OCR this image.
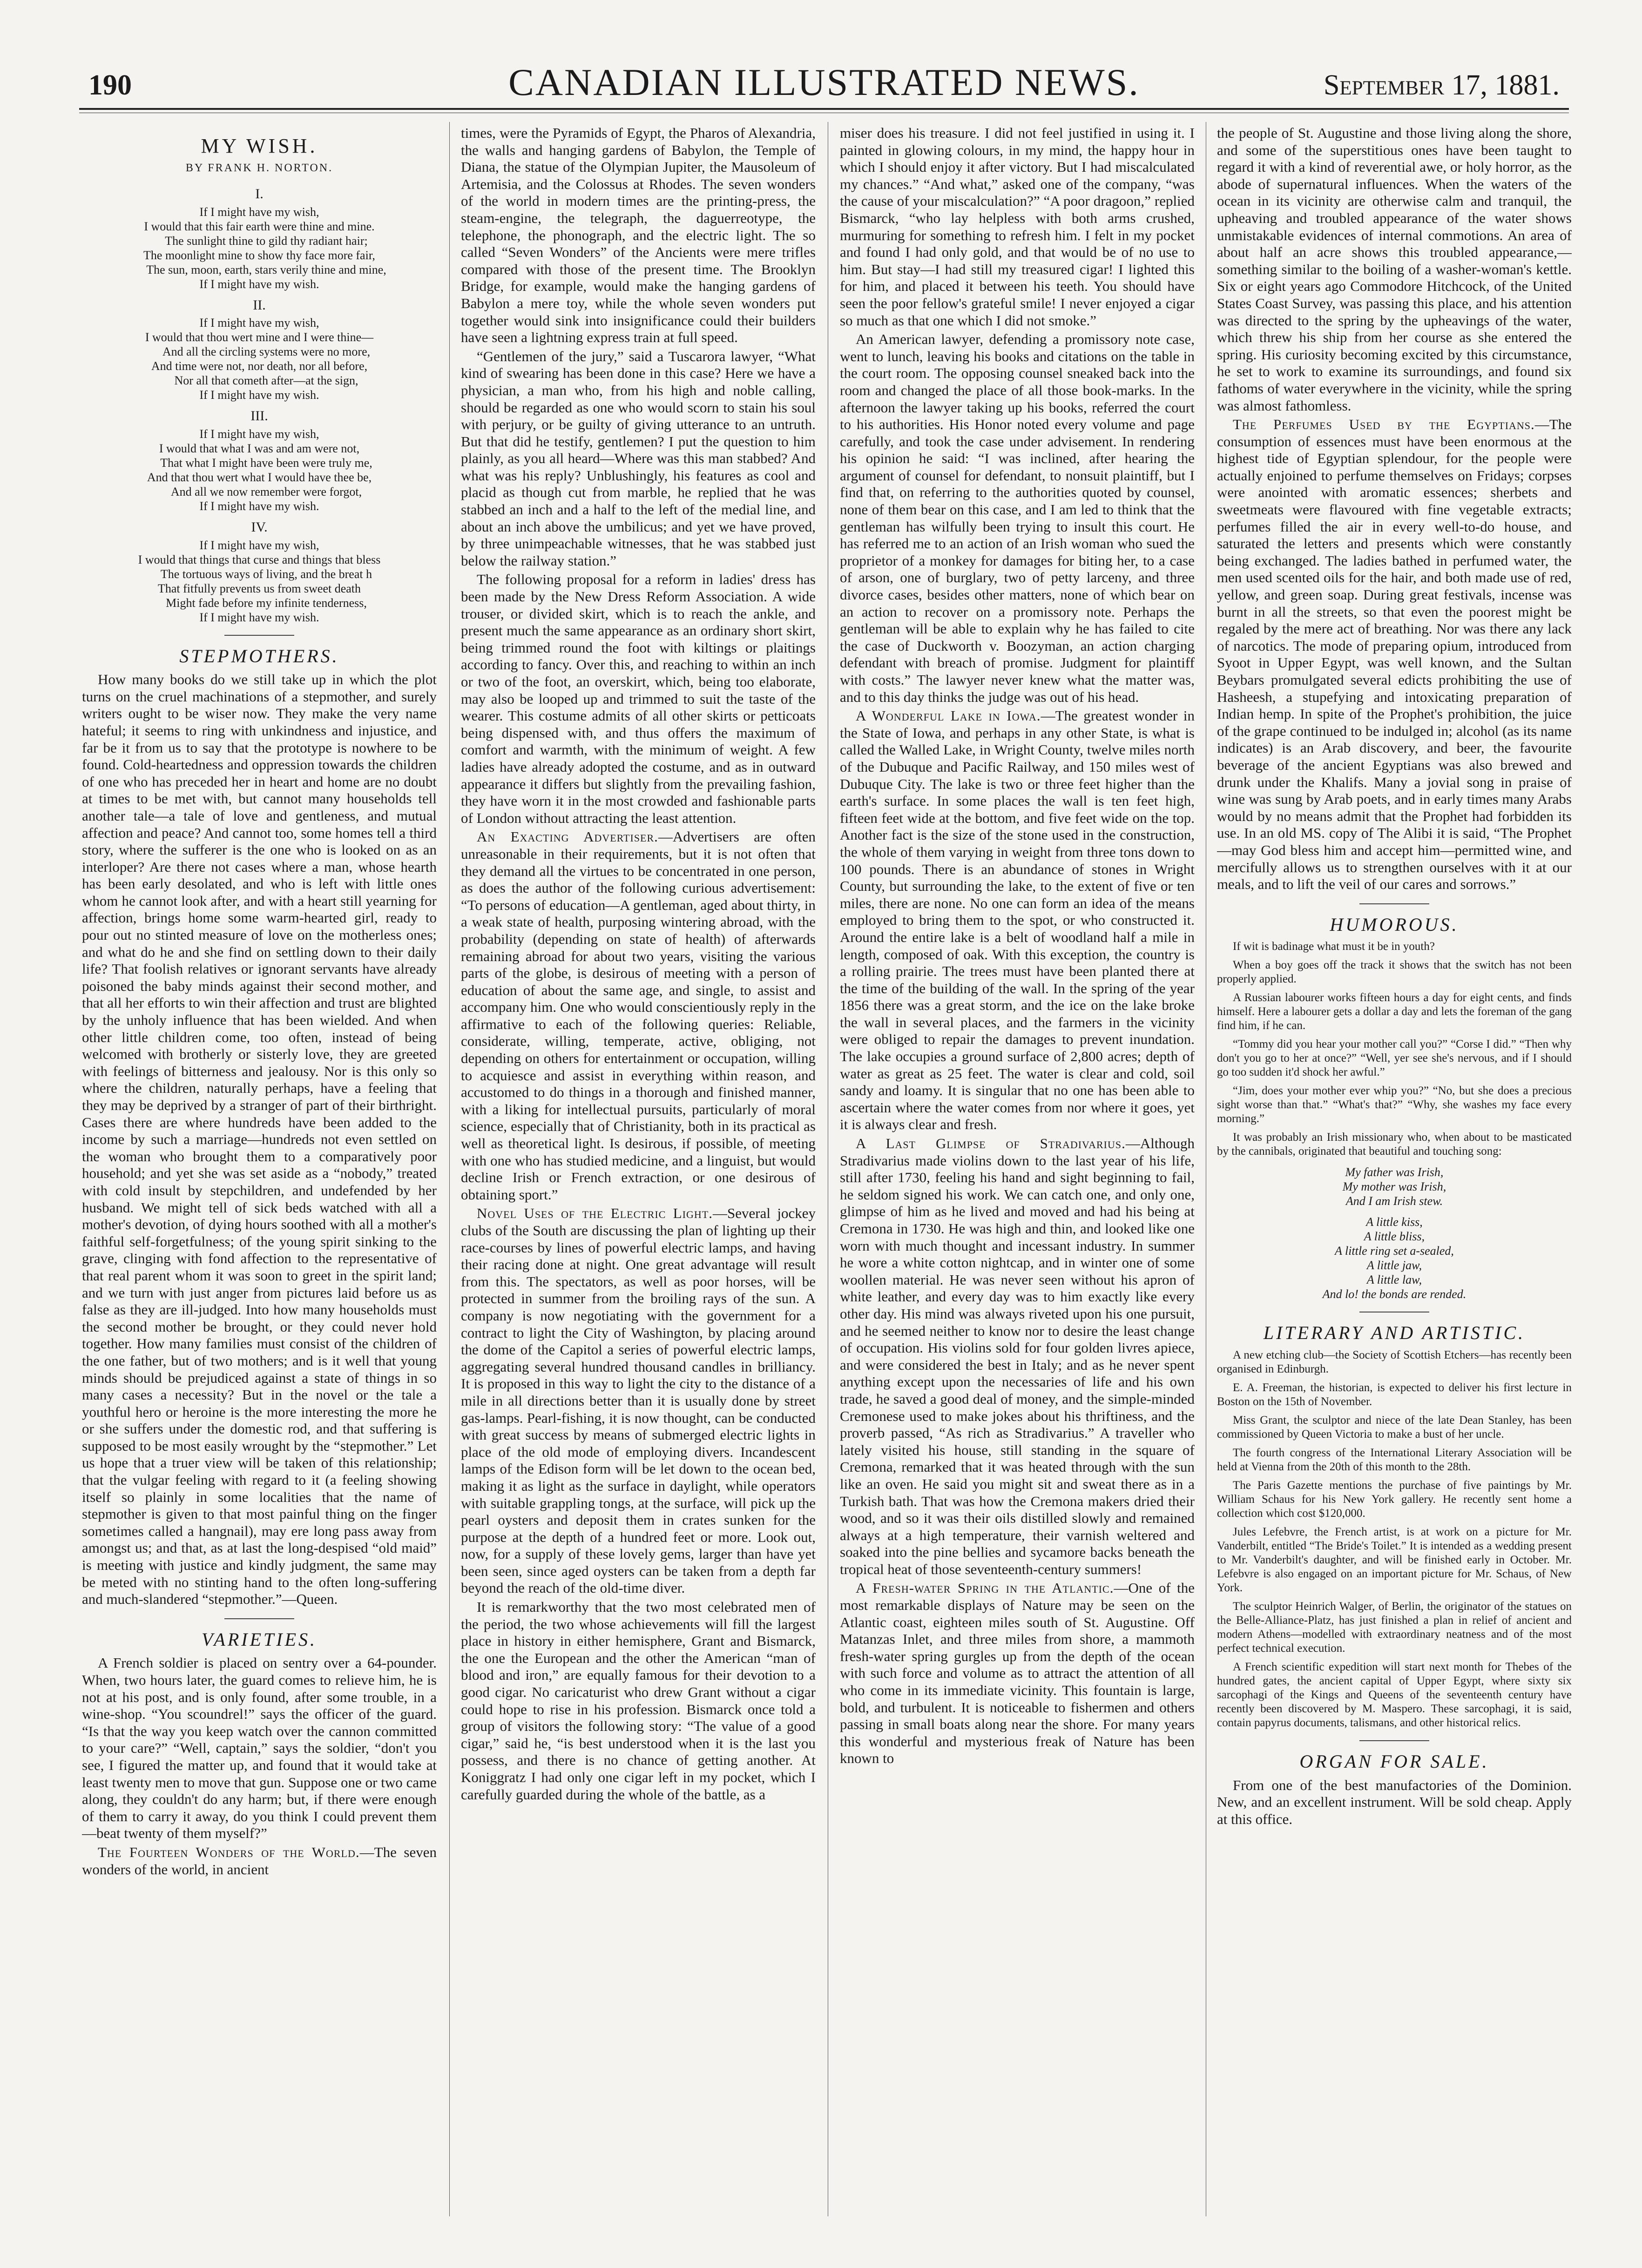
190	CANADIAN ILLUSTRATED NEWS.	September 17, 1881.
MY WISH.
BY FRANK H. NORTON.
I.
If I might have my wish,
I would that this fair earth were thine and mine.
The sunlight thine to gild thy radiant hair;
The moonlight mine to show thy face more fair,
The sun, moon, earth, stars verily thine and mine,
If I might have my wish.
II.
If I might have my wish,
I would that thou wert mine and I were thine—
And all the circling systems were no more,
And time were not, nor death, nor all before,
Nor all that cometh after—at the sign,
If I might have my wish.
III.
If I might have my wish,
I would that what I was and am were not,
That what I might have been were truly me,
And that thou wert what I would have thee be,
And all we now remember were forgot,
If I might have my wish.
IV.
If I might have my wish,
I would that things that curse and things that bless
The tortuous ways of living, and the breat h
That fitfully prevents us from sweet death
Might fade before my infinite tenderness,
If I might have my wish.
STEPMOTHERS.

How many books do we still take up in which the plot turns on the cruel machinations of a stepmother, and surely writers ought to be wiser now. They make the very name hateful; it seems to ring with unkindness and injustice, and far be it from us to say that the prototype is nowhere to be found. Cold-heartedness and oppression towards the children of one who has preceded her in heart and home are no doubt at times to be met with, but cannot many households tell another tale—a tale of love and gentleness, and mutual affection and peace? And cannot too, some homes tell a third story, where the sufferer is the one who is looked on as an interloper? Are there not cases where a man, whose hearth has been early desolated, and who is left with little ones whom he cannot look after, and with a heart still yearning for affection, brings home some warm-hearted girl, ready to pour out no stinted measure of love on the motherless ones; and what do he and she find on settling down to their daily life? That foolish relatives or ignorant servants have already poisoned the baby minds against their second mother, and that all her efforts to win their affection and trust are blighted by the unholy influence that has been wielded. And when other little children come, too often, instead of being welcomed with brotherly or sisterly love, they are greeted with feelings of bitterness and jealousy. Nor is this only so where the children, naturally perhaps, have a feeling that they may be deprived by a stranger of part of their birthright. Cases there are where hundreds have been added to the income by such a marriage—hundreds not even settled on the woman who brought them to a comparatively poor household; and yet she was set aside as a “nobody,” treated with cold insult by stepchildren, and undefended by her husband. We might tell of sick beds watched with all a mother's devotion, of dying hours soothed with all a mother's faithful self-forgetfulness; of the young spirit sinking to the grave, clinging with fond affection to the representative of that real parent whom it was soon to greet in the spirit land; and we turn with just anger from pictures laid before us as false as they are ill-judged. Into how many households must the second mother be brought, or they could never hold together. How many families must consist of the children of the one father, but of two mothers; and is it well that young minds should be prejudiced against a state of things in so many cases a necessity? But in the novel or the tale a youthful hero or heroine is the more interesting the more he or she suffers under the domestic rod, and that suffering is supposed to be most easily wrought by the “stepmother.” Let us hope that a truer view will be taken of this relationship; that the vulgar feeling with regard to it (a feeling showing itself so plainly in some localities that the name of stepmother is given to that most painful thing on the finger sometimes called a hangnail), may ere long pass away from amongst us; and that, as at last the long-despised “old maid” is meeting with justice and kindly judgment, the same may be meted with no stinting hand to the often long-suffering and much-slandered “stepmother.”—Queen.

VARIETIES.

A French soldier is placed on sentry over a 64-pounder. When, two hours later, the guard comes to relieve him, he is not at his post, and is only found, after some trouble, in a wine-shop. “You scoundrel!” says the officer of the guard. “Is that the way you keep watch over the cannon committed to your care?” “Well, captain,” says the soldier, “don't you see, I figured the matter up, and found that it would take at least twenty men to move that gun. Suppose one or two came along, they couldn't do any harm; but, if there were enough of them to carry it away, do you think I could prevent them—beat twenty of them myself?”

The Fourteen Wonders of the World.—The seven wonders of the world, in ancient

times, were the Pyramids of Egypt, the Pharos of Alexandria, the walls and hanging gardens of Babylon, the Temple of Diana, the statue of the Olympian Jupiter, the Mausoleum of Artemisia, and the Colossus at Rhodes. The seven wonders of the world in modern times are the printing-press, the steam-engine, the telegraph, the daguerreotype, the telephone, the phonograph, and the electric light. The so called “Seven Wonders” of the Ancients were mere trifles compared with those of the present time. The Brooklyn Bridge, for example, would make the hanging gardens of Babylon a mere toy, while the whole seven wonders put together would sink into insignificance could their builders have seen a lightning express train at full speed.

“Gentlemen of the jury,” said a Tuscarora lawyer, “What kind of swearing has been done in this case? Here we have a physician, a man who, from his high and noble calling, should be regarded as one who would scorn to stain his soul with perjury, or be guilty of giving utterance to an untruth. But that did he testify, gentlemen? I put the question to him plainly, as you all heard—Where was this man stabbed? And what was his reply? Unblushingly, his features as cool and placid as though cut from marble, he replied that he was stabbed an inch and a half to the left of the medial line, and about an inch above the umbilicus; and yet we have proved, by three unimpeachable witnesses, that he was stabbed just below the railway station.”

The following proposal for a reform in ladies' dress has been made by the New Dress Reform Association. A wide trouser, or divided skirt, which is to reach the ankle, and present much the same appearance as an ordinary short skirt, being trimmed round the foot with kiltings or plaitings according to fancy. Over this, and reaching to within an inch or two of the foot, an overskirt, which, being too elaborate, may also be looped up and trimmed to suit the taste of the wearer. This costume admits of all other skirts or petticoats being dispensed with, and thus offers the maximum of comfort and warmth, with the minimum of weight. A few ladies have already adopted the costume, and as in outward appearance it differs but slightly from the prevailing fashion, they have worn it in the most crowded and fashionable parts of London without attracting the least attention.

An Exacting Advertiser.—Advertisers are often unreasonable in their requirements, but it is not often that they demand all the virtues to be concentrated in one person, as does the author of the following curious advertisement: “To persons of education—A gentleman, aged about thirty, in a weak state of health, purposing wintering abroad, with the probability (depending on state of health) of afterwards remaining abroad for about two years, visiting the various parts of the globe, is desirous of meeting with a person of education of about the same age, and single, to assist and accompany him. One who would conscientiously reply in the affirmative to each of the following queries: Reliable, considerate, willing, temperate, active, obliging, not depending on others for entertainment or occupation, willing to acquiesce and assist in everything within reason, and accustomed to do things in a thorough and finished manner, with a liking for intellectual pursuits, particularly of moral science, especially that of Christianity, both in its practical as well as theoretical light. Is desirous, if possible, of meeting with one who has studied medicine, and a linguist, but would decline Irish or French extraction, or one desirous of obtaining sport.”

Novel Uses of the Electric Light.—Several jockey clubs of the South are discussing the plan of lighting up their race-courses by lines of powerful electric lamps, and having their racing done at night. One great advantage will result from this. The spectators, as well as poor horses, will be protected in summer from the broiling rays of the sun. A company is now negotiating with the government for a contract to light the City of Washington, by placing around the dome of the Capitol a series of powerful electric lamps, aggregating several hundred thousand candles in brilliancy. It is proposed in this way to light the city to the distance of a mile in all directions better than it is usually done by street gas-lamps. Pearl-fishing, it is now thought, can be conducted with great success by means of submerged electric lights in place of the old mode of employing divers. Incandescent lamps of the Edison form will be let down to the ocean bed, making it as light as the surface in daylight, while operators with suitable grappling tongs, at the surface, will pick up the pearl oysters and deposit them in crates sunken for the purpose at the depth of a hundred feet or more. Look out, now, for a supply of these lovely gems, larger than have yet been seen, since aged oysters can be taken from a depth far beyond the reach of the old-time diver.

It is remarkworthy that the two most celebrated men of the period, the two whose achievements will fill the largest place in history in either hemisphere, Grant and Bismarck, the one the European and the other the American “man of blood and iron,” are equally famous for their devotion to a good cigar. No caricaturist who drew Grant without a cigar could hope to rise in his profession. Bismarck once told a group of visitors the following story: “The value of a good cigar,” said he, “is best understood when it is the last you possess, and there is no chance of getting another. At Koniggratz I had only one cigar left in my pocket, which I carefully guarded during the whole of the battle, as a

miser does his treasure. I did not feel justified in using it. I painted in glowing colours, in my mind, the happy hour in which I should enjoy it after victory. But I had miscalculated my chances.” “And what,” asked one of the company, “was the cause of your miscalculation?” “A poor dragoon,” replied Bismarck, “who lay helpless with both arms crushed, murmuring for something to refresh him. I felt in my pocket and found I had only gold, and that would be of no use to him. But stay—I had still my treasured cigar! I lighted this for him, and placed it between his teeth. You should have seen the poor fellow's grateful smile! I never enjoyed a cigar so much as that one which I did not smoke.”

An American lawyer, defending a promissory note case, went to lunch, leaving his books and citations on the table in the court room. The opposing counsel sneaked back into the room and changed the place of all those book-marks. In the afternoon the lawyer taking up his books, referred the court to his authorities. His Honor noted every volume and page carefully, and took the case under advisement. In rendering his opinion he said: “I was inclined, after hearing the argument of counsel for defendant, to nonsuit plaintiff, but I find that, on referring to the authorities quoted by counsel, none of them bear on this case, and I am led to think that the gentleman has wilfully been trying to insult this court. He has referred me to an action of an Irish woman who sued the proprietor of a monkey for damages for biting her, to a case of arson, one of burglary, two of petty larceny, and three divorce cases, besides other matters, none of which bear on an action to recover on a promissory note. Perhaps the gentleman will be able to explain why he has failed to cite the case of Duckworth v. Boozyman, an action charging defendant with breach of promise. Judgment for plaintiff with costs.” The lawyer never knew what the matter was, and to this day thinks the judge was out of his head.

A Wonderful Lake in Iowa.—The greatest wonder in the State of Iowa, and perhaps in any other State, is what is called the Walled Lake, in Wright County, twelve miles north of the Dubuque and Pacific Railway, and 150 miles west of Dubuque City. The lake is two or three feet higher than the earth's surface. In some places the wall is ten feet high, fifteen feet wide at the bottom, and five feet wide on the top. Another fact is the size of the stone used in the construction, the whole of them varying in weight from three tons down to 100 pounds. There is an abundance of stones in Wright County, but surrounding the lake, to the extent of five or ten miles, there are none. No one can form an idea of the means employed to bring them to the spot, or who constructed it. Around the entire lake is a belt of woodland half a mile in length, composed of oak. With this exception, the country is a rolling prairie. The trees must have been planted there at the time of the building of the wall. In the spring of the year 1856 there was a great storm, and the ice on the lake broke the wall in several places, and the farmers in the vicinity were obliged to repair the damages to prevent inundation. The lake occupies a ground surface of 2,800 acres; depth of water as great as 25 feet. The water is clear and cold, soil sandy and loamy. It is singular that no one has been able to ascertain where the water comes from nor where it goes, yet it is always clear and fresh.

A Last Glimpse of Stradivarius.—Although Stradivarius made violins down to the last year of his life, still after 1730, feeling his hand and sight beginning to fail, he seldom signed his work. We can catch one, and only one, glimpse of him as he lived and moved and had his being at Cremona in 1730. He was high and thin, and looked like one worn with much thought and incessant industry. In summer he wore a white cotton nightcap, and in winter one of some woollen material. He was never seen without his apron of white leather, and every day was to him exactly like every other day. His mind was always riveted upon his one pursuit, and he seemed neither to know nor to desire the least change of occupation. His violins sold for four golden livres apiece, and were considered the best in Italy; and as he never spent anything except upon the necessaries of life and his own trade, he saved a good deal of money, and the simple-minded Cremonese used to make jokes about his thriftiness, and the proverb passed, “As rich as Stradivarius.” A traveller who lately visited his house, still standing in the square of Cremona, remarked that it was heated through with the sun like an oven. He said you might sit and sweat there as in a Turkish bath. That was how the Cremona makers dried their wood, and so it was their oils distilled slowly and remained always at a high temperature, their varnish weltered and soaked into the pine bellies and sycamore backs beneath the tropical heat of those seventeenth-century summers!

A Fresh-water Spring in the Atlantic.—One of the most remarkable displays of Nature may be seen on the Atlantic coast, eighteen miles south of St. Augustine. Off Matanzas Inlet, and three miles from shore, a mammoth fresh-water spring gurgles up from the depth of the ocean with such force and volume as to attract the attention of all who come in its immediate vicinity. This fountain is large, bold, and turbulent. It is noticeable to fishermen and others passing in small boats along near the shore. For many years this wonderful and mysterious freak of Nature has been known to

the people of St. Augustine and those living along the shore, and some of the superstitious ones have been taught to regard it with a kind of reverential awe, or holy horror, as the abode of supernatural influences. When the waters of the ocean in its vicinity are otherwise calm and tranquil, the upheaving and troubled appearance of the water shows unmistakable evidences of internal commotions. An area of about half an acre shows this troubled appearance,—something similar to the boiling of a washer-woman's kettle. Six or eight years ago Commodore Hitchcock, of the United States Coast Survey, was passing this place, and his attention was directed to the spring by the upheavings of the water, which threw his ship from her course as she entered the spring. His curiosity becoming excited by this circumstance, he set to work to examine its surroundings, and found six fathoms of water everywhere in the vicinity, while the spring was almost fathomless.

The Perfumes Used by the Egyptians.—The consumption of essences must have been enormous at the highest tide of Egyptian splendour, for the people were actually enjoined to perfume themselves on Fridays; corpses were anointed with aromatic essences; sherbets and sweetmeats were flavoured with fine vegetable extracts; perfumes filled the air in every well-to-do house, and saturated the letters and presents which were constantly being exchanged. The ladies bathed in perfumed water, the men used scented oils for the hair, and both made use of red, yellow, and green soap. During great festivals, incense was burnt in all the streets, so that even the poorest might be regaled by the mere act of breathing. Nor was there any lack of narcotics. The mode of preparing opium, introduced from Syoot in Upper Egypt, was well known, and the Sultan Beybars promulgated several edicts prohibiting the use of Hasheesh, a stupefying and intoxicating preparation of Indian hemp. In spite of the Prophet's prohibition, the juice of the grape continued to be indulged in; alcohol (as its name indicates) is an Arab discovery, and beer, the favourite beverage of the ancient Egyptians was also brewed and drunk under the Khalifs. Many a jovial song in praise of wine was sung by Arab poets, and in early times many Arabs would by no means admit that the Prophet had forbidden its use. In an old MS. copy of The Alibi it is said, “The Prophet—may God bless him and accept him—permitted wine, and mercifully allows us to strengthen ourselves with it at our meals, and to lift the veil of our cares and sorrows.”

HUMOROUS.

If wit is badinage what must it be in youth?

When a boy goes off the track it shows that the switch has not been properly applied.

A Russian labourer works fifteen hours a day for eight cents, and finds himself. Here a labourer gets a dollar a day and lets the foreman of the gang find him, if he can.

“Tommy did you hear your mother call you?” “Corse I did.” “Then why don't you go to her at once?” “Well, yer see she's nervous, and if I should go too sudden it'd shock her awful.”

“Jim, does your mother ever whip you?” “No, but she does a precious sight worse than that.” “What's that?” “Why, she washes my face every morning.”

It was probably an Irish missionary who, when about to be masticated by the cannibals, originated that beautiful and touching song:

My father was Irish,
My mother was Irish,
And I am Irish stew.
A little kiss,
A little bliss,
A little ring set a-sealed,
A little jaw,
A little law,
And lo! the bonds are rended.
LITERARY AND ARTISTIC.

A new etching club—the Society of Scottish Etchers—has recently been organised in Edinburgh.

E. A. Freeman, the historian, is expected to deliver his first lecture in Boston on the 15th of November.

Miss Grant, the sculptor and niece of the late Dean Stanley, has been commissioned by Queen Victoria to make a bust of her uncle.

The fourth congress of the International Literary Association will be held at Vienna from the 20th of this month to the 28th.

The Paris Gazette mentions the purchase of five paintings by Mr. William Schaus for his New York gallery. He recently sent home a collection which cost $120,000.

Jules Lefebvre, the French artist, is at work on a picture for Mr. Vanderbilt, entitled “The Bride's Toilet.” It is intended as a wedding present to Mr. Vanderbilt's daughter, and will be finished early in October. Mr. Lefebvre is also engaged on an important picture for Mr. Schaus, of New York.

The sculptor Heinrich Walger, of Berlin, the originator of the statues on the Belle-Alliance-Platz, has just finished a plan in relief of ancient and modern Athens—modelled with extraordinary neatness and of the most perfect technical execution.

A French scientific expedition will start next month for Thebes of the hundred gates, the ancient capital of Upper Egypt, where sixty six sarcophagi of the Kings and Queens of the seventeenth century have recently been discovered by M. Maspero. These sarcophagi, it is said, contain papyrus documents, talismans, and other historical relics.

ORGAN FOR SALE.

From one of the best manufactories of the Dominion. New, and an excellent instrument. Will be sold cheap. Apply at this office.
